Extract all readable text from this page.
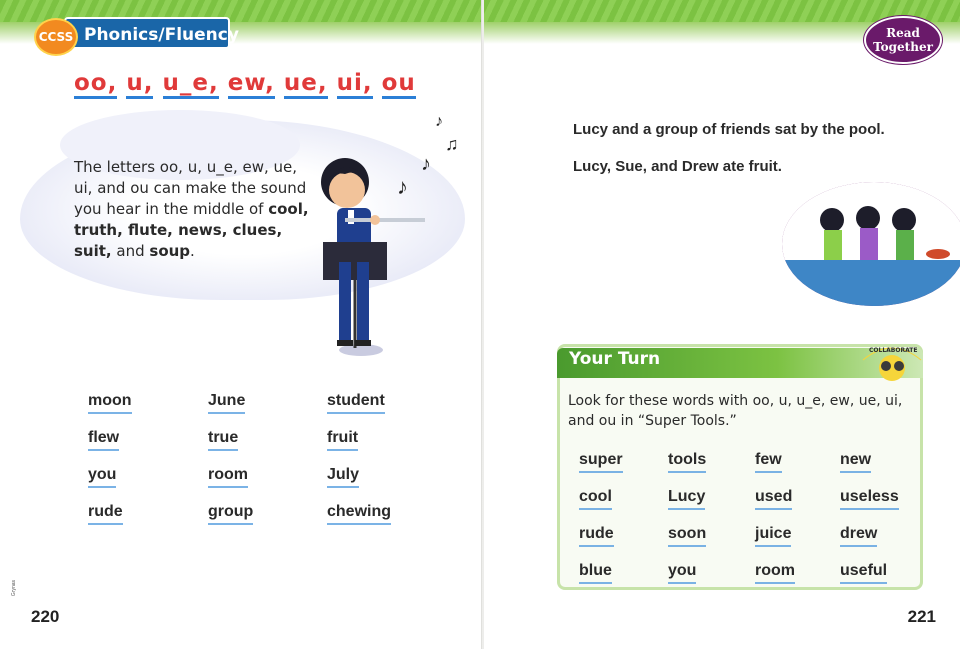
CCSS Phonics/Fluency
oo, u, u_e, ew, ue, ui, ou
The letters oo, u, u_e, ew, ue,
ui, and ou can make the sound
you hear in the middle of cool,
truth, flute, news, clues,
suit, and soup.
♪
♫
♪
♪
moon	June	student
flew	true	fruit
you	room	July
rude	group	chewing
Grynas
220
Read
Together
Lucy and a group of friends sat by the pool.
Lucy, Sue, and Drew ate fruit.
Your Turn	COLLABORATE
Look for these words with oo, u, u_e, ew, ue, ui, and ou in “Super Tools.”
super	tools	few	new
cool	Lucy	used	useless
rude	soon	juice	drew
blue	you	room	useful
221
